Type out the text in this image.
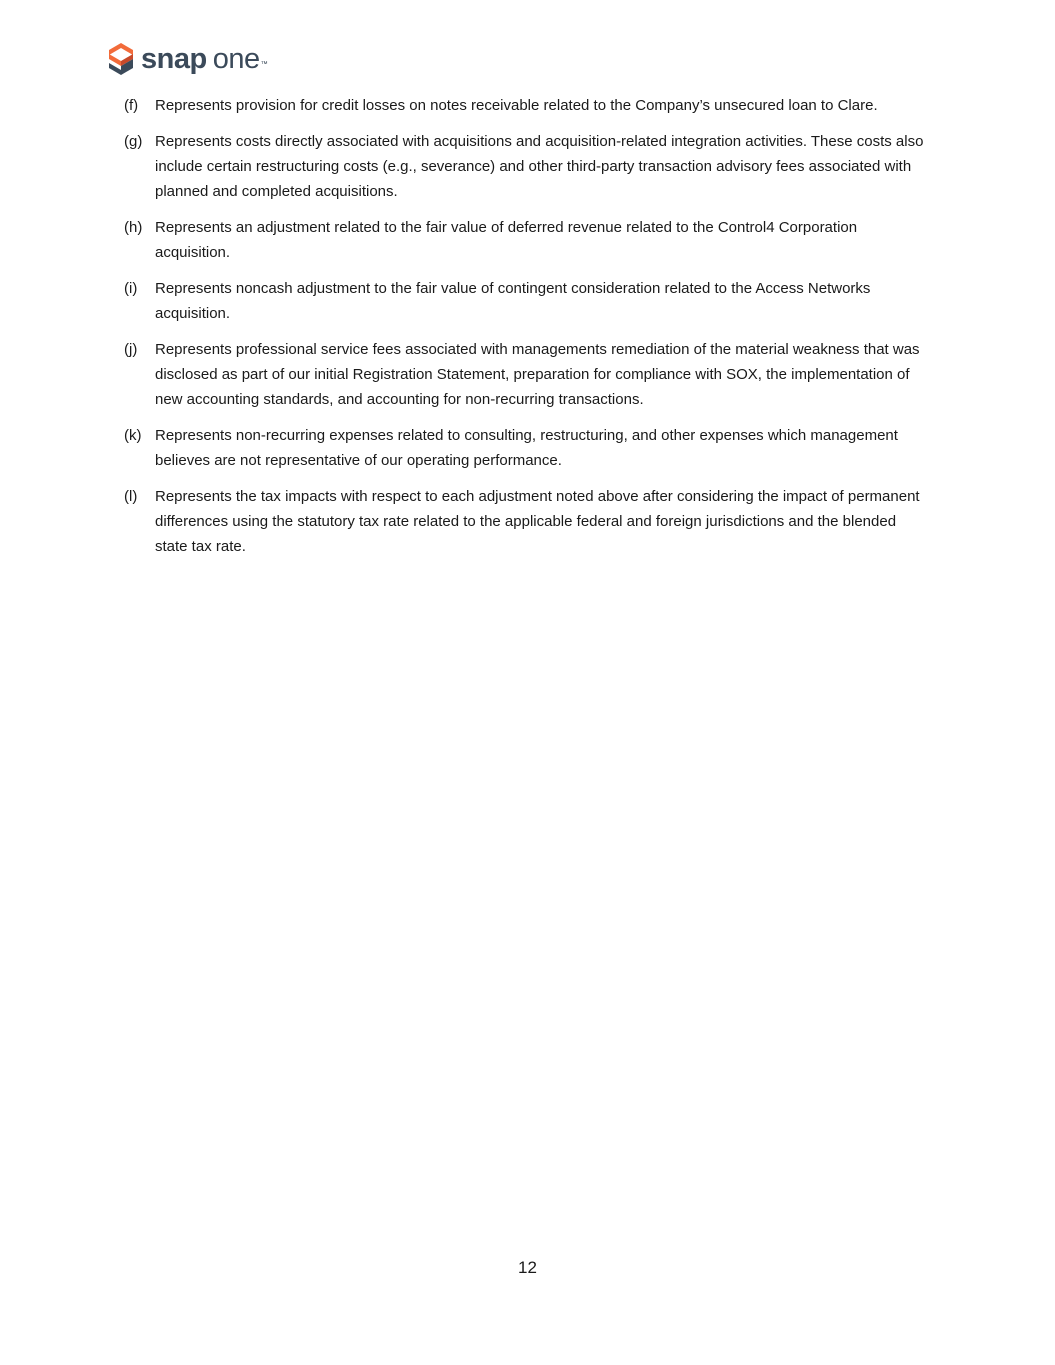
snap one™
(f)	Represents provision for credit losses on notes receivable related to the Company’s unsecured loan to Clare.
(g) Represents costs directly associated with acquisitions and acquisition-related integration activities. These costs also include certain restructuring costs (e.g., severance) and other third-party transaction advisory fees associated with planned and completed acquisitions.
(h) Represents an adjustment related to the fair value of deferred revenue related to the Control4 Corporation acquisition.
(i)	Represents noncash adjustment to the fair value of contingent consideration related to the Access Networks acquisition.
(j)	Represents professional service fees associated with managements remediation of the material weakness that was disclosed as part of our initial Registration Statement, preparation for compliance with SOX, the implementation of new accounting standards, and accounting for non-recurring transactions.
(k) Represents non-recurring expenses related to consulting, restructuring, and other expenses which management believes are not representative of our operating performance.
(l)	Represents the tax impacts with respect to each adjustment noted above after considering the impact of permanent differences using the statutory tax rate related to the applicable federal and foreign jurisdictions and the blended state tax rate.
12
